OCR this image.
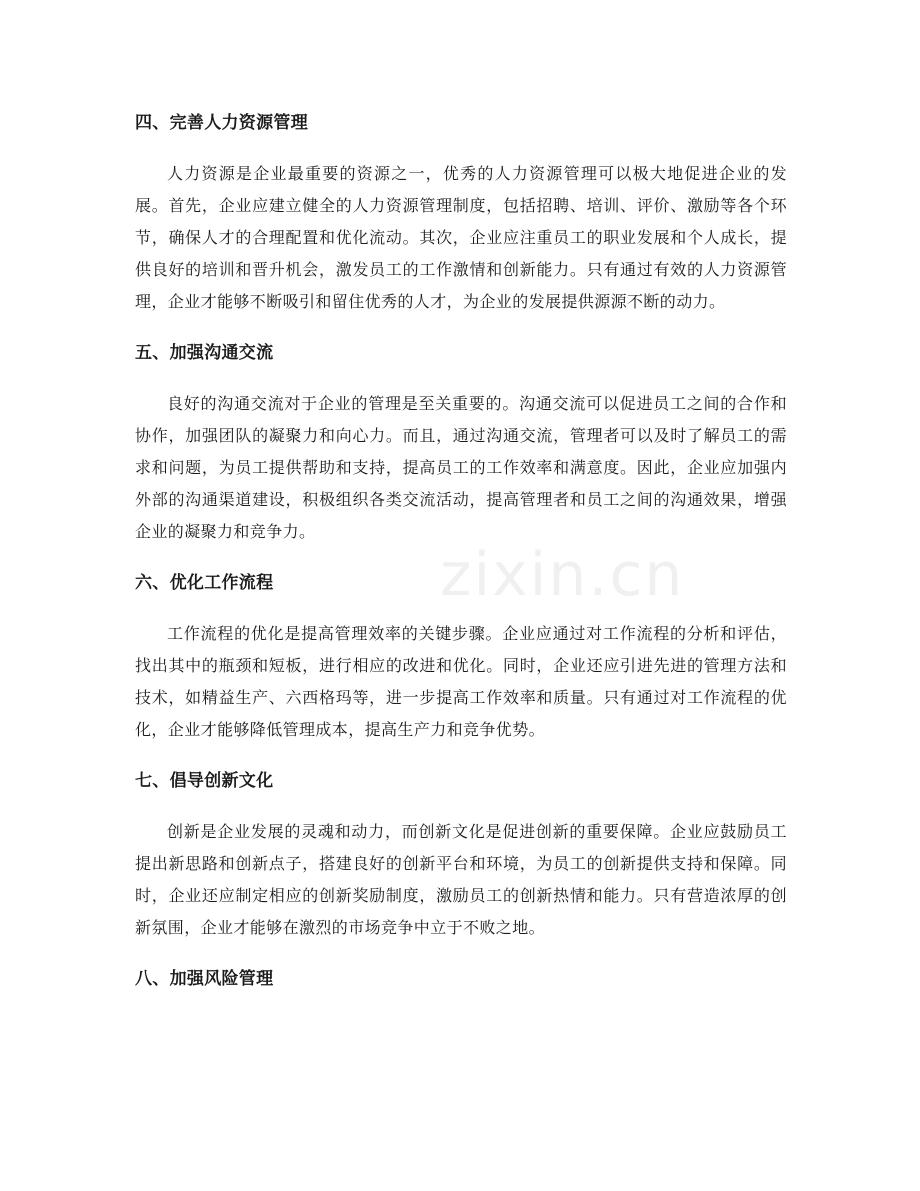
zixin.cn
四、完善人力资源管理

人力资源是企业最重要的资源之一，优秀的人力资源管理可以极大地促进企业的发展。首先，企业应建立健全的人力资源管理制度，包括招聘、培训、评价、激励等各个环节，确保人才的合理配置和优化流动。其次，企业应注重员工的职业发展和个人成长，提供良好的培训和晋升机会，激发员工的工作激情和创新能力。只有通过有效的人力资源管理，企业才能够不断吸引和留住优秀的人才，为企业的发展提供源源不断的动力。

五、加强沟通交流

良好的沟通交流对于企业的管理是至关重要的。沟通交流可以促进员工之间的合作和协作，加强团队的凝聚力和向心力。而且，通过沟通交流，管理者可以及时了解员工的需求和问题，为员工提供帮助和支持，提高员工的工作效率和满意度。因此，企业应加强内外部的沟通渠道建设，积极组织各类交流活动，提高管理者和员工之间的沟通效果，增强企业的凝聚力和竞争力。

六、优化工作流程

工作流程的优化是提高管理效率的关键步骤。企业应通过对工作流程的分析和评估，找出其中的瓶颈和短板，进行相应的改进和优化。同时，企业还应引进先进的管理方法和技术，如精益生产、六西格玛等，进一步提高工作效率和质量。只有通过对工作流程的优化，企业才能够降低管理成本，提高生产力和竞争优势。

七、倡导创新文化

创新是企业发展的灵魂和动力，而创新文化是促进创新的重要保障。企业应鼓励员工提出新思路和创新点子，搭建良好的创新平台和环境，为员工的创新提供支持和保障。同时，企业还应制定相应的创新奖励制度，激励员工的创新热情和能力。只有营造浓厚的创新氛围，企业才能够在激烈的市场竞争中立于不败之地。

八、加强风险管理
